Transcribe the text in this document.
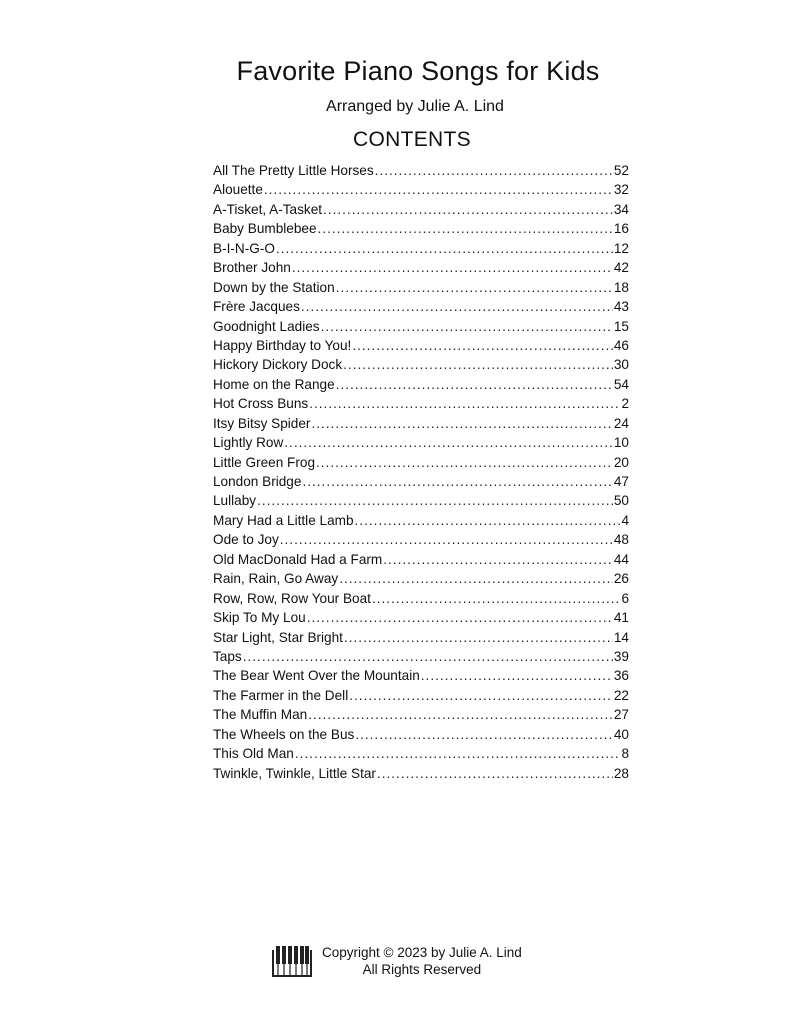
Favorite Piano Songs for Kids
Arranged by Julie A. Lind
CONTENTS
All The Pretty Little Horses .....	52
Alouette .....	32
A-Tisket, A-Tasket .....	34
Baby Bumblebee .....	16
B-I-N-G-O .....	12
Brother John .....	42
Down by the Station .....	18
Frère Jacques .....	43
Goodnight Ladies .....	15
Happy Birthday to You! .....	46
Hickory Dickory Dock .....	30
Home on the Range .....	54
Hot Cross Buns .....	2
Itsy Bitsy Spider .....	24
Lightly Row .....	10
Little Green Frog .....	20
London Bridge .....	47
Lullaby .....	50
Mary Had a Little Lamb .....	4
Ode to Joy .....	48
Old MacDonald Had a Farm .....	44
Rain, Rain, Go Away .....	26
Row, Row, Row Your Boat .....	6
Skip To My Lou .....	41
Star Light, Star Bright .....	14
Taps .....	39
The Bear Went Over the Mountain .....	36
The Farmer in the Dell .....	22
The Muffin Man .....	27
The Wheels on the Bus .....	40
This Old Man .....	8
Twinkle, Twinkle, Little Star .....	28
Copyright © 2023 by Julie A. Lind
All Rights Reserved
